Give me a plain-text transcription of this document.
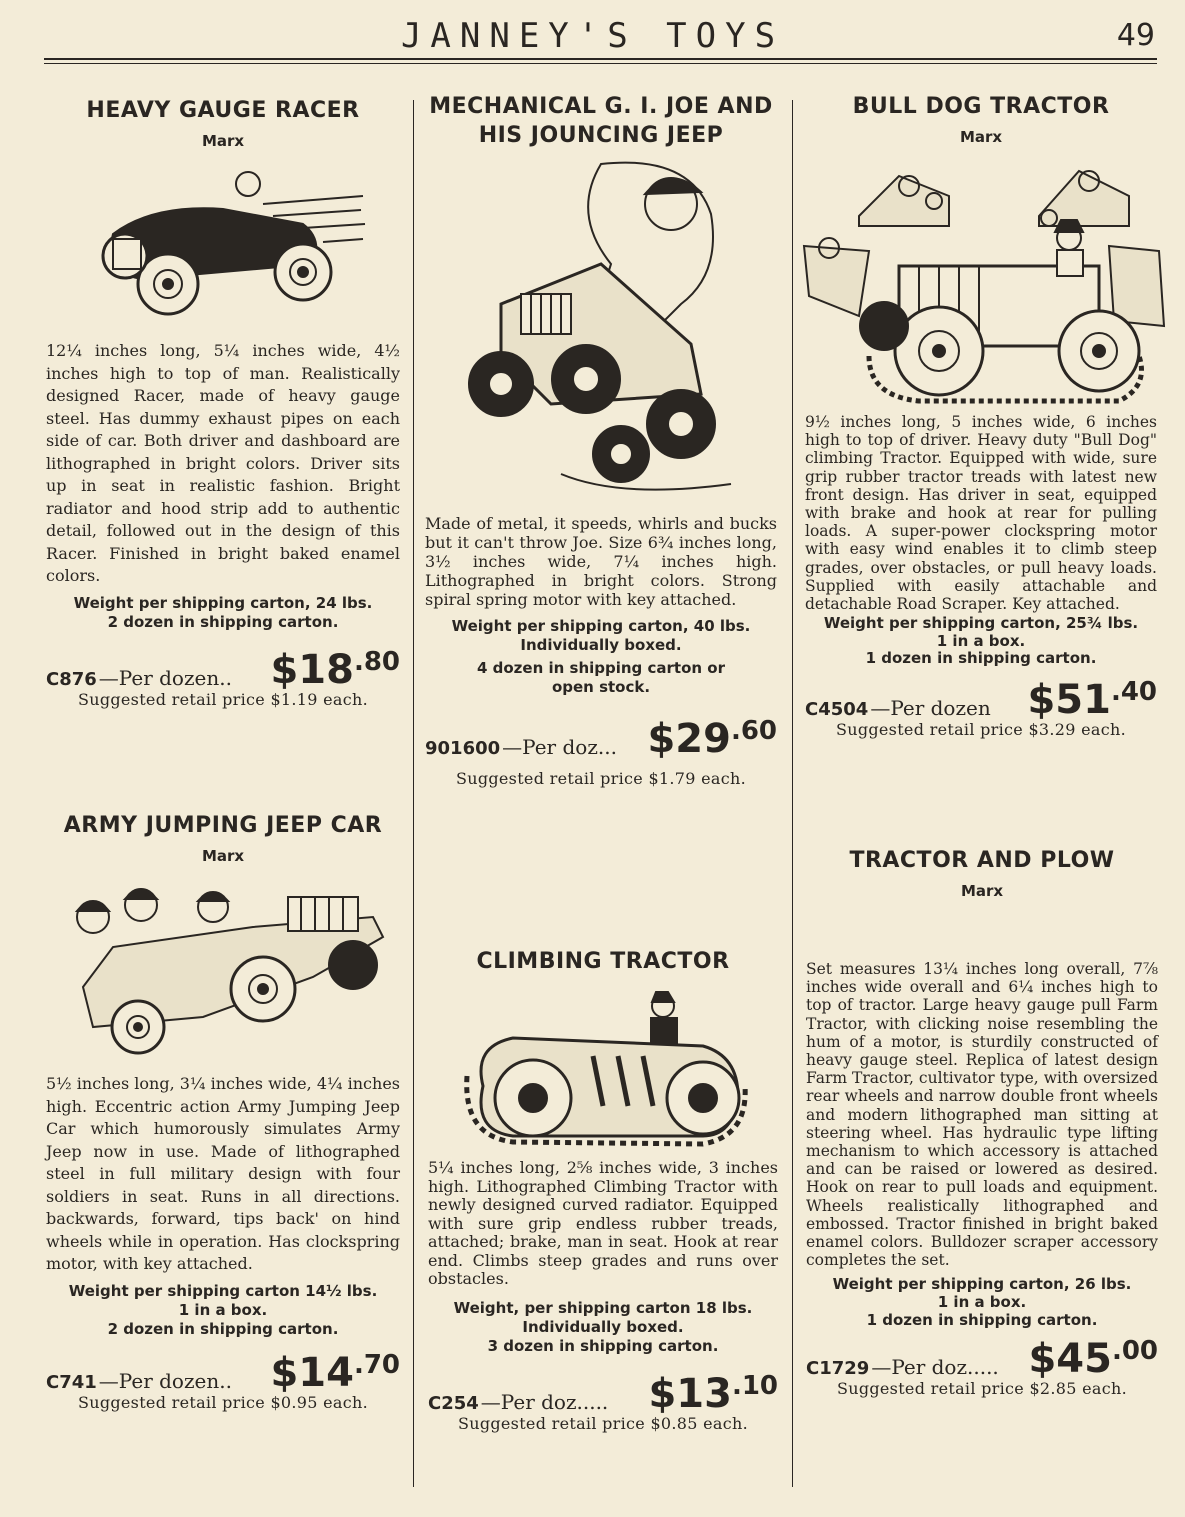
JANNEY'S TOYS	49
HEAVY GAUGE RACER
Marx
12¼ inches long, 5¼ inches wide, 4½ inches high to top of man. Realistically designed Racer, made of heavy gauge steel. Has dummy exhaust pipes on each side of car. Both driver and dashboard are lithographed in bright colors. Driver sits up in seat in realistic fashion. Bright radiator and hood strip add to authentic detail, followed out in the design of this Racer. Finished in bright baked enamel colors.
Weight per shipping carton, 24 lbs.
2 dozen in shipping carton.
C876 —Per dozen.. $\$18^{.80}$
Suggested retail price $1.19 each.
ARMY JUMPING JEEP CAR
Marx
5½ inches long, 3¼ inches wide, 4¼ inches high. Eccentric action Army Jumping Jeep Car which humorously simulates Army Jeep now in use. Made of lithographed steel in full military design with four soldiers in seat. Runs in all directions. backwards, forward, tips back' on hind wheels while in operation. Has clockspring motor, with key attached.
Weight per shipping carton 14½ lbs.
1 in a box.
2 dozen in shipping carton.
C741 —Per dozen.. $\$14^{.70}$
Suggested retail price $0.95 each.
MECHANICAL G. I. JOE AND HIS JOUNCING JEEP
Made of metal, it speeds, whirls and bucks but it can't throw Joe. Size 6¾ inches long, 3½ inches wide, 7¼ inches high. Lithographed in bright colors. Strong spiral spring motor with key attached.
Weight per shipping carton, 40 lbs.
Individually boxed.
4 dozen in shipping carton or
open stock.
901600 —Per doz... $\$29^{.60}$
Suggested retail price $1.79 each.
CLIMBING TRACTOR
5¼ inches long, 2⅝ inches wide, 3 inches high. Lithographed Climbing Tractor with newly designed curved radiator. Equipped with sure grip endless rubber treads, attached; brake, man in seat. Hook at rear end. Climbs steep grades and runs over obstacles.
Weight, per shipping carton 18 lbs.
Individually boxed.
3 dozen in shipping carton.
C254 —Per doz..... $\$13^{.10}$
Suggested retail price $0.85 each.
BULL DOG TRACTOR
Marx
9½ inches long, 5 inches wide, 6 inches high to top of driver. Heavy duty "Bull Dog" climbing Tractor. Equipped with wide, sure grip rubber tractor treads with latest new front design. Has driver in seat, equipped with brake and hook at rear for pulling loads. A super-power clockspring motor with easy wind enables it to climb steep grades, over obstacles, or pull heavy loads. Supplied with easily attachable and detachable Road Scraper. Key attached.
Weight per shipping carton, 25¾ lbs.
1 in a box.
1 dozen in shipping carton.
C4504 —Per dozen $\$51^{.40}$
Suggested retail price $3.29 each.
TRACTOR AND PLOW
Marx
Set measures 13¼ inches long overall, 7⅞ inches wide overall and 6¼ inches high to top of tractor. Large heavy gauge pull Farm Tractor, with clicking noise resembling the hum of a motor, is sturdily constructed of heavy gauge steel. Replica of latest design Farm Tractor, cultivator type, with oversized rear wheels and narrow double front wheels and modern lithographed man sitting at steering wheel. Has hydraulic type lifting mechanism to which accessory is attached and can be raised or lowered as desired. Hook on rear to pull loads and equipment. Wheels realistically lithographed and embossed. Tractor finished in bright baked enamel colors. Bulldozer scraper accessory completes the set.
Weight per shipping carton, 26 lbs.
1 in a box.
1 dozen in shipping carton.
C1729 —Per doz..... $\$45^{.00}$
Suggested retail price $2.85 each.
